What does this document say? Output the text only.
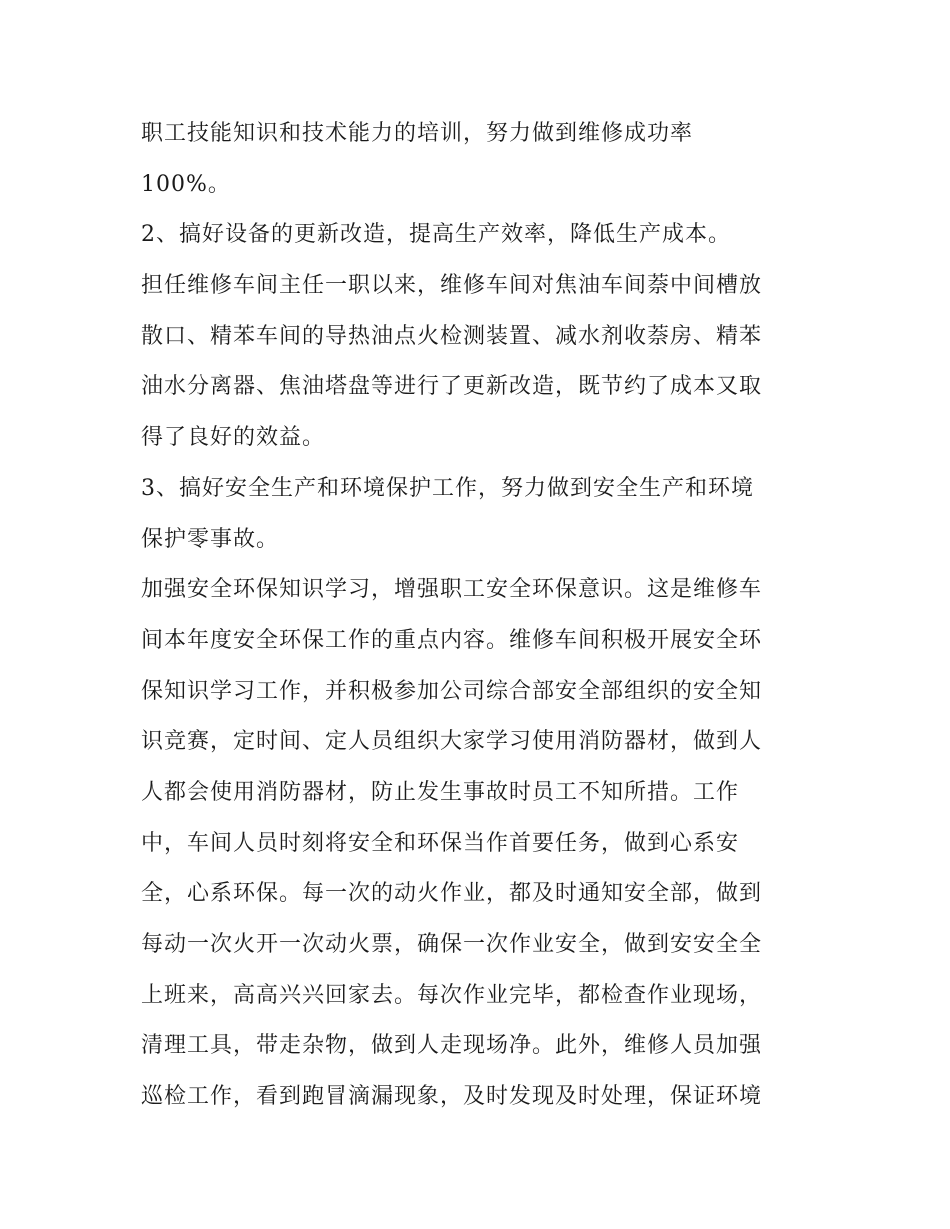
职工技能知识和技术能力的培训，努力做到维修成功率
100%。
2、搞好设备的更新改造，提高生产效率，降低生产成本。
担任维修车间主任一职以来，维修车间对焦油车间萘中间槽放
散口、精苯车间的导热油点火检测装置、减水剂收萘房、精苯
油水分离器、焦油塔盘等进行了更新改造，既节约了成本又取
得了良好的效益。
3、搞好安全生产和环境保护工作，努力做到安全生产和环境
保护零事故。
加强安全环保知识学习，增强职工安全环保意识。这是维修车
间本年度安全环保工作的重点内容。维修车间积极开展安全环
保知识学习工作，并积极参加公司综合部安全部组织的安全知
识竞赛，定时间、定人员组织大家学习使用消防器材，做到人
人都会使用消防器材，防止发生事故时员工不知所措。工作
中，车间人员时刻将安全和环保当作首要任务，做到心系安
全，心系环保。每一次的动火作业，都及时通知安全部，做到
每动一次火开一次动火票，确保一次作业安全，做到安安全全
上班来，高高兴兴回家去。每次作业完毕，都检查作业现场，
清理工具，带走杂物，做到人走现场净。此外，维修人员加强
巡检工作，看到跑冒滴漏现象，及时发现及时处理，保证环境
